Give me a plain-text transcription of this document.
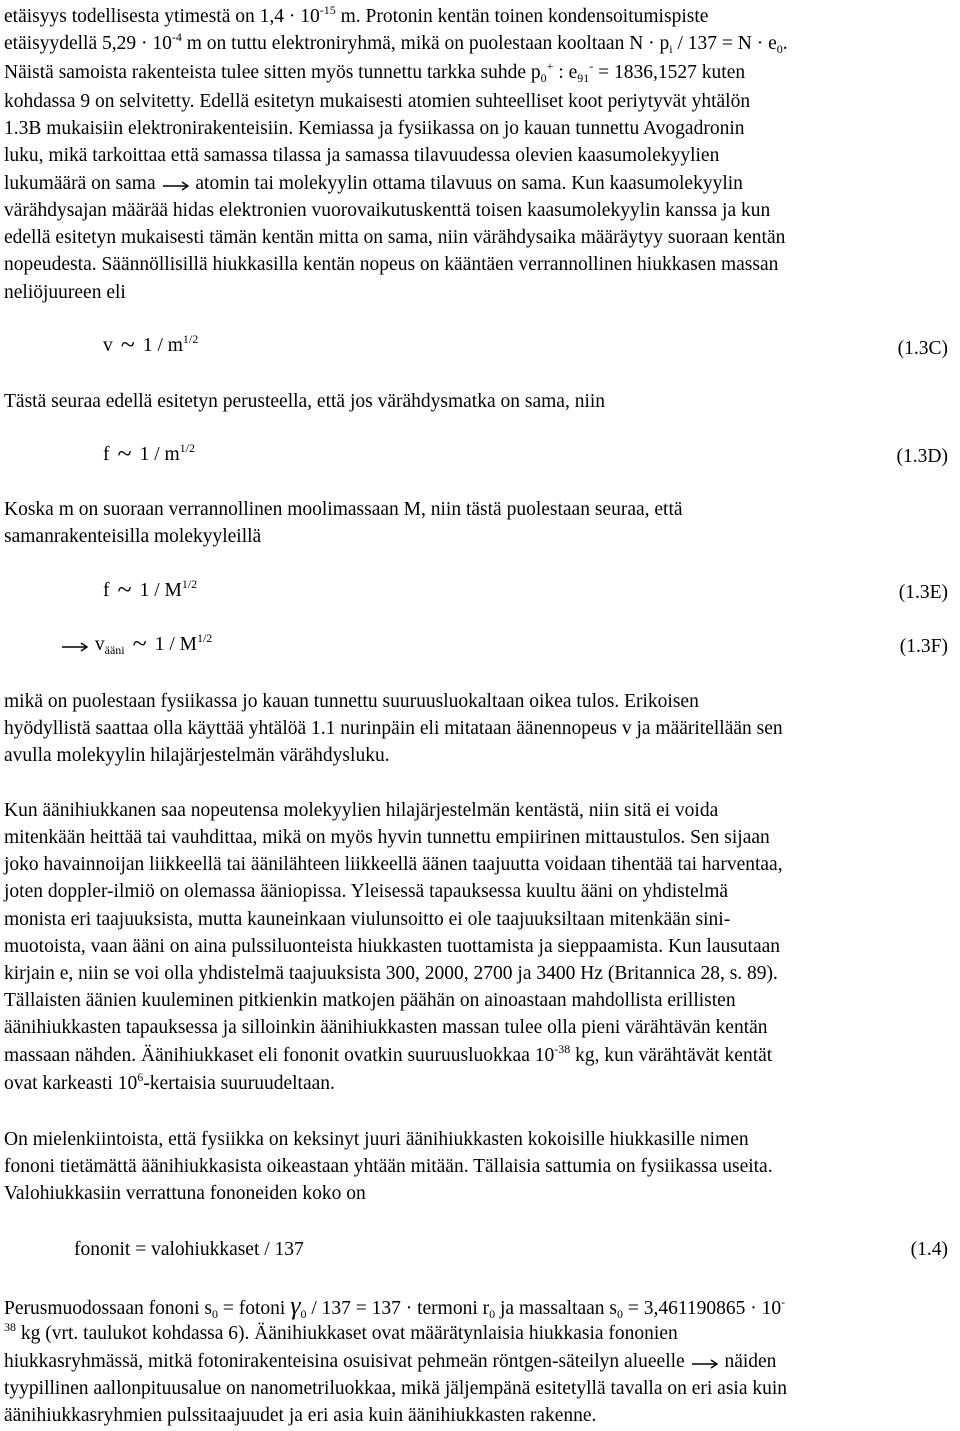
etäisyys todellisesta ytimestä on $1,4 \cdot 10^{-15}$ m. Protonin kentän toinen kondensoitumispiste
etäisyydellä $5,29 \cdot 10^{-4}$ m on tuttu elektroniryhmä, mikä on puolestaan kooltaan $N \cdot p_i / 137 = N \cdot e_0$.
Näistä samoista rakenteista tulee sitten myös tunnettu tarkka suhde $p_0^+$ : $e_{91}^- = 1836,1527$ kuten
kohdassa 9 on selvitetty. Edellä esitetyn mukaisesti atomien suhteelliset koot periytyvät yhtälön
1.3B mukaisiin elektronirakenteisiin. Kemiassa ja fysiikassa on jo kauan tunnettu Avogadronin
luku, mikä tarkoittaa että samassa tilassa ja samassa tilavuudessa olevien kaasumolekyylien
lukumäärä on sama atomin tai molekyylin ottama tilavuus on sama. Kun kaasumolekyylin
värähdysajan määrää hidas elektronien vuorovaikutuskenttä toisen kaasumolekyylin kanssa ja kun
edellä esitetyn mukaisesti tämän kentän mitta on sama, niin värähdysaika määräytyy suoraan kentän
nopeudesta. Säännöllisillä hiukkasilla kentän nopeus on kääntäen verrannollinen hiukkasen massan
neliöjuureen eli
v ~ $1 / m^{1/2}$	(1.3C)
Tästä seuraa edellä esitetyn perusteella, että jos värähdysmatka on sama, niin
f ~ $1 / m^{1/2}$	(1.3D)
Koska m on suoraan verrannollinen moolimassaan M, niin tästä puolestaan seuraa, että
samanrakenteisilla molekyyleillä
f ~ $1 / M^{1/2}$	(1.3E)
$v_{ääni}$ ~ $1 / M^{1/2}$	(1.3F)
mikä on puolestaan fysiikassa jo kauan tunnettu suuruusluokaltaan oikea tulos. Erikoisen
hyödyllistä saattaa olla käyttää yhtälöä 1.1 nurinpäin eli mitataan äänennopeus v ja määritellään sen
avulla molekyylin hilajärjestelmän värähdysluku.
Kun äänihiukkanen saa nopeutensa molekyylien hilajärjestelmän kentästä, niin sitä ei voida
mitenkään heittää tai vauhdittaa, mikä on myös hyvin tunnettu empiirinen mittaustulos. Sen sijaan
joko havainnoijan liikkeellä tai äänilähteen liikkeellä äänen taajuutta voidaan tihentää tai harventaa,
joten doppler-ilmiö on olemassa ääniopissa. Yleisessä tapauksessa kuultu ääni on yhdistelmä
monista eri taajuuksista, mutta kauneinkaan viulunsoitto ei ole taajuuksiltaan mitenkään sini-
muotoista, vaan ääni on aina pulssiluonteista hiukkasten tuottamista ja sieppaamista. Kun lausutaan
kirjain e, niin se voi olla yhdistelmä taajuuksista 300, 2000, 2700 ja 3400 Hz (Britannica 28, s. 89).
Tällaisten äänien kuuleminen pitkienkin matkojen päähän on ainoastaan mahdollista erillisten
äänihiukkasten tapauksessa ja silloinkin äänihiukkasten massan tulee olla pieni värähtävän kentän
massaan nähden. Äänihiukkaset eli fononit ovatkin suuruusluokkaa $10^{-38}$ kg, kun värähtävät kentät
ovat karkeasti $10^6$-kertaisia suuruudeltaan.
On mielenkiintoista, että fysiikka on keksinyt juuri äänihiukkasten kokoisille hiukkasille nimen
fononi tietämättä äänihiukkasista oikeastaan yhtään mitään. Tällaisia sattumia on fysiikassa useita.
Valohiukkasiin verrattuna fononeiden koko on
fononit = valohiukkaset / 137	(1.4)
Perusmuodossaan fononi $s_0$ = fotoni $\gamma_0 / 137 = 137$ · termoni $r_0$ ja massaltaan $s_0 = 3,461190865 \cdot 10^-$
$^{38}$ kg (vrt. taulukot kohdassa 6). Äänihiukkaset ovat määrätynlaisia hiukkasia fononien
hiukkasryhmässä, mitkä fotonirakenteisina osuisivat pehmeän röntgen-säteilyn alueelle näiden
tyypillinen aallonpituusalue on nanometriluokkaa, mikä jäljempänä esitetyllä tavalla on eri asia kuin
äänihiukkasryhmien pulssitaajuudet ja eri asia kuin äänihiukkasten rakenne.
